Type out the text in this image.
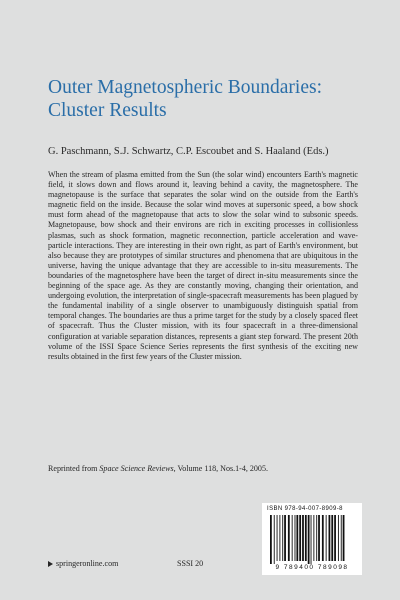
Outer Magnetospheric Boundaries:
Cluster Results
G. Paschmann, S.J. Schwartz, C.P. Escoubet and S. Haaland (Eds.)

When the stream of plasma emitted from the Sun (the solar wind) encounters Earth's magnetic field, it slows down and flows around it, leaving behind a cavity, the magnetosphere. The magnetopause is the surface that separates the solar wind on the outside from the Earth's magnetic field on the inside. Because the solar wind moves at supersonic speed, a bow shock must form ahead of the magnetopause that acts to slow the solar wind to subsonic speeds. Magnetopause, bow shock and their environs are rich in exciting processes in collisionless plasmas, such as shock formation, magnetic reconnection, particle acceleration and wave-particle interactions. They are interesting in their own right, as part of Earth's environment, but also because they are prototypes of similar structures and phenomena that are ubiquitous in the universe, having the unique advantage that they are accessible to in-situ measurements. The boundaries of the magnetosphere have been the target of direct in-situ measurements since the beginning of the space age. As they are constantly moving, changing their orientation, and undergoing evolution, the interpretation of single-spacecraft measurements has been plagued by the fundamental inability of a single observer to unambiguously distinguish spatial from temporal changes. The boundaries are thus a prime target for the study by a closely spaced fleet of spacecraft. Thus the Cluster mission, with its four spacecraft in a three-dimensional configuration at variable separation distances, represents a giant step forward. The present 20th volume of the ISSI Space Science Series represents the first synthesis of the exciting new results obtained in the first few years of the Cluster mission.

Reprinted from Space Science Reviews, Volume 118, Nos.1-4, 2005.
ISBN 978-94-007-8909-8
9 789400 789098
springeronline.com	SSSI 20
